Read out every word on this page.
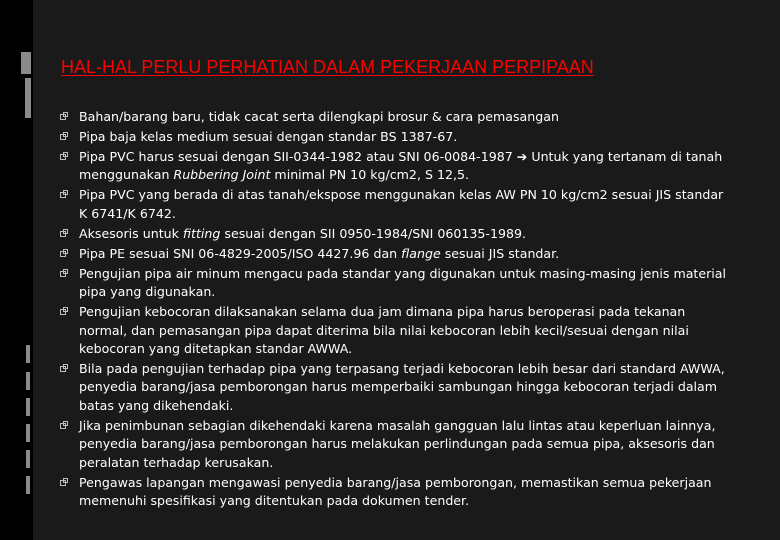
HAL-HAL PERLU PERHATIAN DALAM PEKERJAAN PERPIPAAN
Bahan/barang baru, tidak cacat serta dilengkapi brosur & cara pemasangan
Pipa baja kelas medium sesuai dengan standar BS 1387-67.
Pipa PVC harus sesuai dengan SII-0344-1982 atau SNI 06-0084-1987 ➔ Untuk yang tertanam di tanah menggunakan Rubbering Joint minimal PN 10 kg/cm2, S 12,5.
Pipa PVC yang berada di atas tanah/ekspose menggunakan kelas AW PN 10 kg/cm2 sesuai JIS standar K 6741/K 6742.
Aksesoris untuk fitting sesuai dengan SII 0950-1984/SNI 060135-1989.
Pipa PE sesuai SNI 06-4829-2005/ISO 4427.96 dan flange sesuai JIS standar.
Pengujian pipa air minum mengacu pada standar yang digunakan untuk masing-masing jenis material pipa yang digunakan.
Pengujian kebocoran dilaksanakan selama dua jam dimana pipa harus beroperasi pada tekanan normal, dan pemasangan pipa dapat diterima bila nilai kebocoran lebih kecil/sesuai dengan nilai kebocoran yang ditetapkan standar AWWA.
Bila pada pengujian terhadap pipa yang terpasang terjadi kebocoran lebih besar dari standard AWWA, penyedia barang/jasa pemborongan harus memperbaiki sambungan hingga kebocoran terjadi dalam batas yang dikehendaki.
Jika penimbunan sebagian dikehendaki karena masalah gangguan lalu lintas atau keperluan lainnya, penyedia barang/jasa pemborongan harus melakukan perlindungan pada semua pipa, aksesoris dan peralatan terhadap kerusakan.
Pengawas lapangan mengawasi penyedia barang/jasa pemborongan, memastikan semua pekerjaan memenuhi spesifikasi yang ditentukan pada dokumen tender.
